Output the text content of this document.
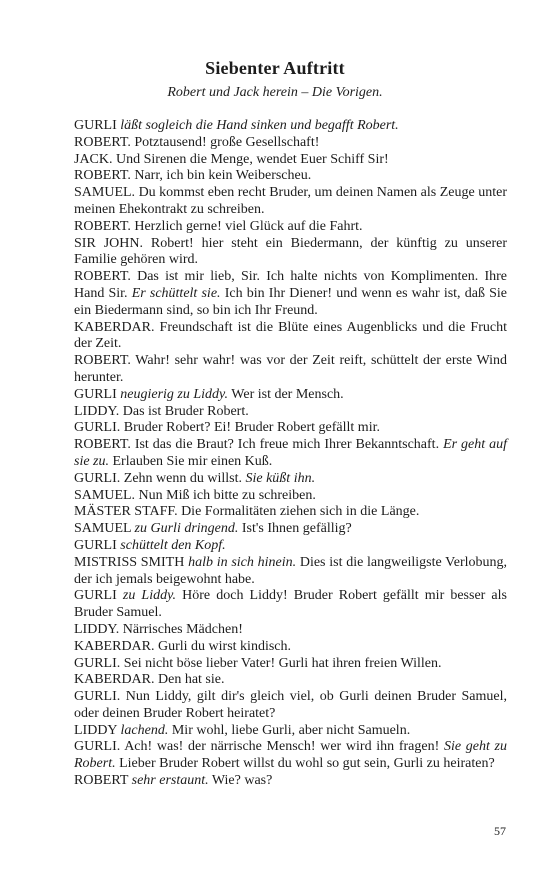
Siebenter Auftritt
Robert und Jack herein – Die Vorigen.

GURLI läßt sogleich die Hand sinken und begafft Robert.

ROBERT. Potztausend! große Gesellschaft!

JACK. Und Sirenen die Menge, wendet Euer Schiff Sir!

ROBERT. Narr, ich bin kein Weiberscheu.

SAMUEL. Du kommst eben recht Bruder, um deinen Namen als Zeuge unter meinen Ehekontrakt zu schreiben.

ROBERT. Herzlich gerne! viel Glück auf die Fahrt.

SIR JOHN. Robert! hier steht ein Biedermann, der künftig zu unserer Familie gehören wird.

ROBERT. Das ist mir lieb, Sir. Ich halte nichts von Komplimenten. Ihre Hand Sir. Er schüttelt sie. Ich bin Ihr Diener! und wenn es wahr ist, daß Sie ein Biedermann sind, so bin ich Ihr Freund.

KABERDAR. Freundschaft ist die Blüte eines Augenblicks und die Frucht der Zeit.

ROBERT. Wahr! sehr wahr! was vor der Zeit reift, schüttelt der erste Wind herunter.

GURLI neugierig zu Liddy. Wer ist der Mensch.

LIDDY. Das ist Bruder Robert.

GURLI. Bruder Robert? Ei! Bruder Robert gefällt mir.

ROBERT. Ist das die Braut? Ich freue mich Ihrer Bekanntschaft. Er geht auf sie zu. Erlauben Sie mir einen Kuß.

GURLI. Zehn wenn du willst. Sie küßt ihn.

SAMUEL. Nun Miß ich bitte zu schreiben.

MÄSTER STAFF. Die Formalitäten ziehen sich in die Länge.

SAMUEL zu Gurli dringend. Ist's Ihnen gefällig?

GURLI schüttelt den Kopf.

MISTRISS SMITH halb in sich hinein. Dies ist die langweiligste Verlobung, der ich jemals beigewohnt habe.

GURLI zu Liddy. Höre doch Liddy! Bruder Robert gefällt mir besser als Bruder Samuel.

LIDDY. Närrisches Mädchen!

KABERDAR. Gurli du wirst kindisch.

GURLI. Sei nicht böse lieber Vater! Gurli hat ihren freien Willen.

KABERDAR. Den hat sie.

GURLI. Nun Liddy, gilt dir's gleich viel, ob Gurli deinen Bruder Samuel, oder deinen Bruder Robert heiratet?

LIDDY lachend. Mir wohl, liebe Gurli, aber nicht Samueln.

GURLI. Ach! was! der närrische Mensch! wer wird ihn fragen! Sie geht zu Robert. Lieber Bruder Robert willst du wohl so gut sein, Gurli zu heiraten?

ROBERT sehr erstaunt. Wie? was?

57
